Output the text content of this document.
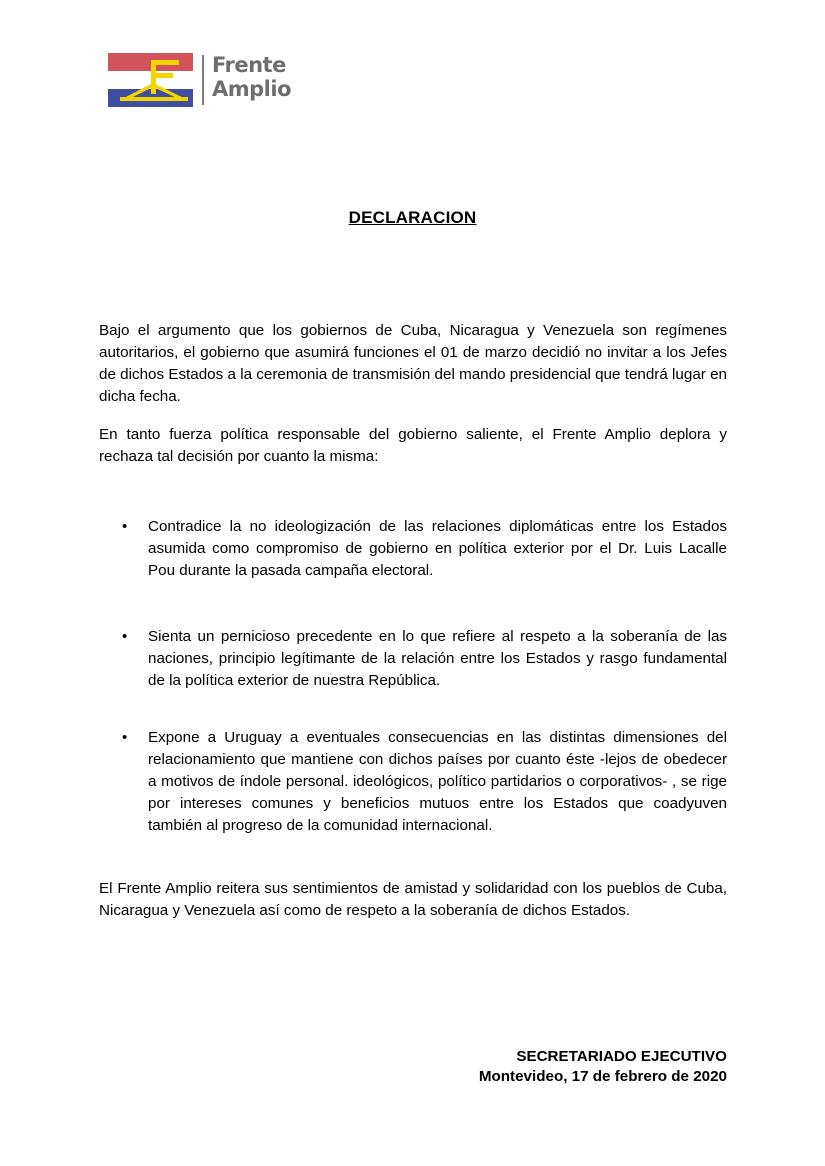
Frente
Amplio
DECLARACION

Bajo el argumento que los gobiernos de Cuba, Nicaragua y Venezuela son regímenes autoritarios, el gobierno que asumirá funciones el 01 de marzo decidió no invitar a los Jefes de dichos Estados a la ceremonia de transmisión del mando presidencial que tendrá lugar en dicha fecha.

En tanto fuerza política responsable del gobierno saliente, el Frente Amplio deplora y rechaza tal decisión por cuanto la misma:

• Contradice la no ideologización de las relaciones diplomáticas entre los Estados asumida como compromiso de gobierno en política exterior por el Dr. Luis Lacalle Pou durante la pasada campaña electoral.

• Sienta un pernicioso precedente en lo que refiere al respeto a la soberanía de las naciones, principio legítimante de la relación entre los Estados y rasgo fundamental de la política exterior de nuestra República.

• Expone a Uruguay a eventuales consecuencias en las distintas dimensiones del relacionamiento que mantiene con dichos países por cuanto éste -lejos de obedecer a motivos de índole personal. ideológicos, político partidarios o corporativos- , se rige por intereses comunes y beneficios mutuos entre los Estados que coadyuven también al progreso de la comunidad internacional.

El Frente Amplio reitera sus sentimientos de amistad y solidaridad con los pueblos de Cuba, Nicaragua y Venezuela así como de respeto a la soberanía de dichos Estados.

SECRETARIADO EJECUTIVO
Montevideo, 17 de febrero de 2020
